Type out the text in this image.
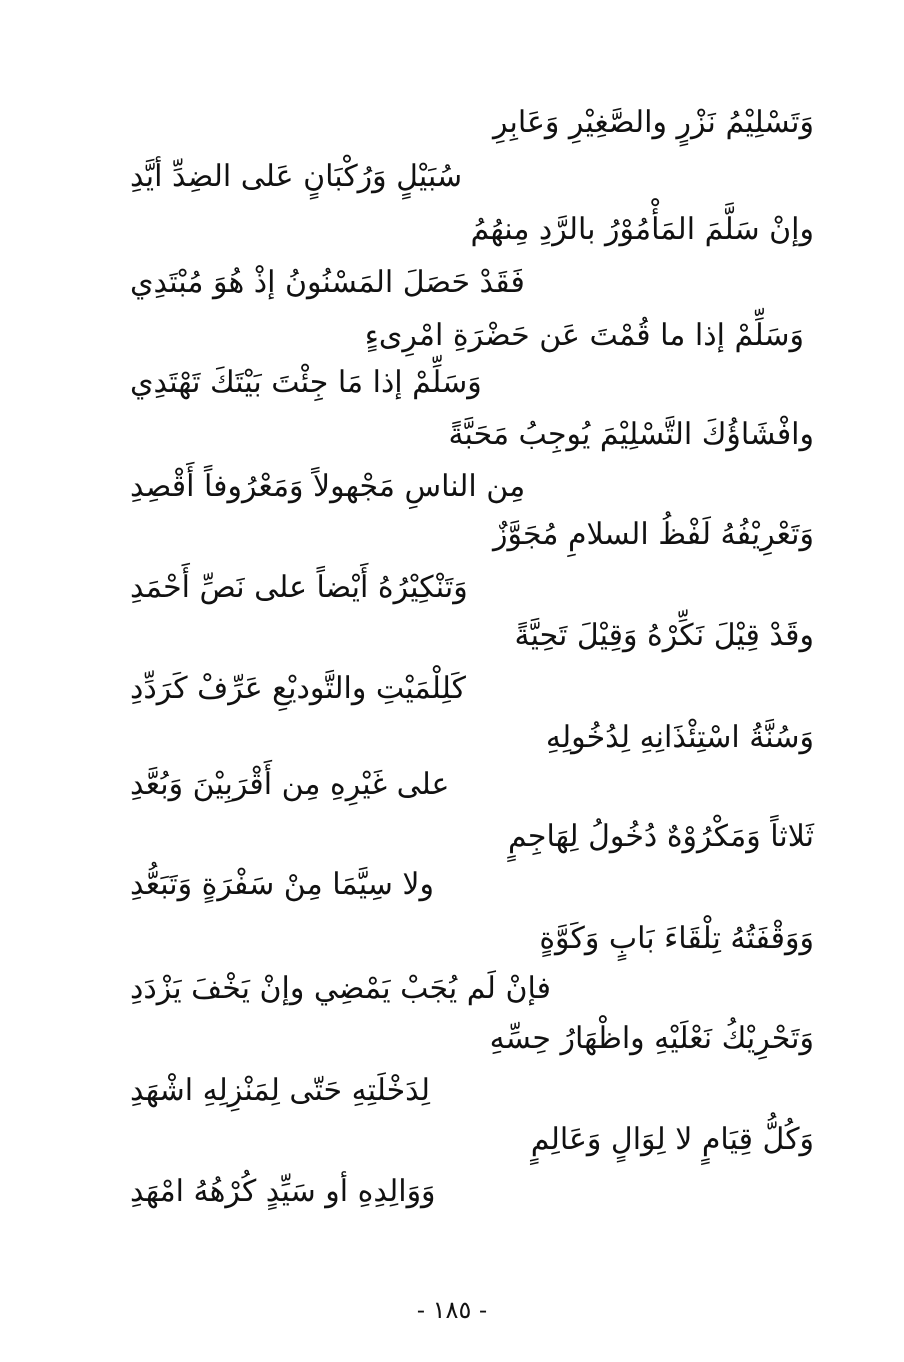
وَتَسْلِيْمُ نَزْرٍ والصَّغِيْرِ وَعَابِرِ
سُبَيْلٍ وَرُكْبَانٍ عَلى الضِدِّ أيَّدِ
وإنْ سَلَّمَ المَأْمُوْرُ بالرَّدِ مِنهُمُ
فَقَدْ حَصَلَ المَسْنُونُ إذْ هُوَ مُبْتَدِي
وَسَلِّمْ إذا ما قُمْتَ عَن حَضْرَةِ امْرِىءٍ
وَسَلِّمْ إذا مَا جِئْتَ بَيْتَكَ تَهْتَدِي
وافْشَاؤُكَ التَّسْلِيْمَ يُوجِبُ مَحَبَّةً
مِن الناسِ مَجْهولاً وَمَعْرُوفاً أَقْصِدِ
وَتَعْرِيْفُهُ لَفْظُ السلامِ مُجَوَّزٌ
وَتَنْكِيْرُهُ أَيْضاً على نَصِّ أَحْمَدِ
وقَدْ قِيْلَ نَكِّرْهُ وَقِيْلَ تَحِيَّةً
كَلِلْمَيْتِ والتَّوديْعِ عَرِّفْ كَرَدِّدِ
وَسُنَّةُ اسْتِئْذَانِهِ لِدُخُولِهِ
على غَيْرِهِ مِن أَقْرَبِيْنَ وَبُعَّدِ
ثَلاثاً وَمَكْرُوْهٌ دُخُولُ لِهَاجِمٍ
ولا سِيَّمَا مِنْ سَفْرَةٍ وَتَبَعُّدِ
وَوَقْفَتُهُ تِلْقَاءَ بَابٍ وَكَوَّةٍ
فإنْ لَم يُجَبْ يَمْضِي وإنْ يَخْفَ يَزْدَدِ
وَتَحْرِيْكُ نَعْلَيْهِ واظْهَارُ حِسِّهِ
لِدَخْلَتِهِ حَتّى لِمَنْزِلِهِ اشْهَدِ
وَكُلُّ قِيَامٍ لا لِوَالٍ وَعَالِمٍ
وَوَالِدِهِ أو سَيِّدٍ كُرْهُهُ امْهَدِ
- ١٨٥ -
